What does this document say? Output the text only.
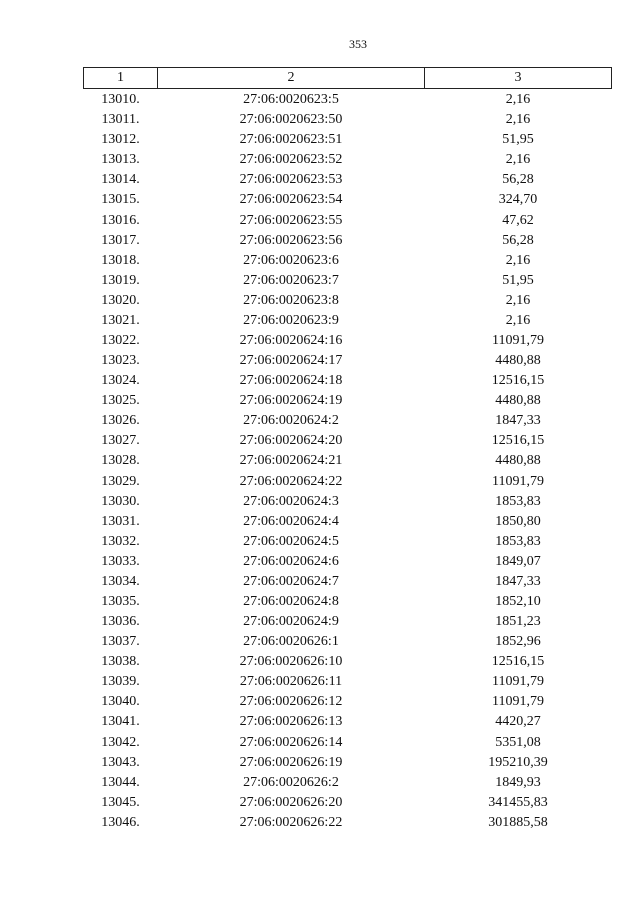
353
1	2	3
13010.	27:06:0020623:5	2,16
13011.	27:06:0020623:50	2,16
13012.	27:06:0020623:51	51,95
13013.	27:06:0020623:52	2,16
13014.	27:06:0020623:53	56,28
13015.	27:06:0020623:54	324,70
13016.	27:06:0020623:55	47,62
13017.	27:06:0020623:56	56,28
13018.	27:06:0020623:6	2,16
13019.	27:06:0020623:7	51,95
13020.	27:06:0020623:8	2,16
13021.	27:06:0020623:9	2,16
13022.	27:06:0020624:16	11091,79
13023.	27:06:0020624:17	4480,88
13024.	27:06:0020624:18	12516,15
13025.	27:06:0020624:19	4480,88
13026.	27:06:0020624:2	1847,33
13027.	27:06:0020624:20	12516,15
13028.	27:06:0020624:21	4480,88
13029.	27:06:0020624:22	11091,79
13030.	27:06:0020624:3	1853,83
13031.	27:06:0020624:4	1850,80
13032.	27:06:0020624:5	1853,83
13033.	27:06:0020624:6	1849,07
13034.	27:06:0020624:7	1847,33
13035.	27:06:0020624:8	1852,10
13036.	27:06:0020624:9	1851,23
13037.	27:06:0020626:1	1852,96
13038.	27:06:0020626:10	12516,15
13039.	27:06:0020626:11	11091,79
13040.	27:06:0020626:12	11091,79
13041.	27:06:0020626:13	4420,27
13042.	27:06:0020626:14	5351,08
13043.	27:06:0020626:19	195210,39
13044.	27:06:0020626:2	1849,93
13045.	27:06:0020626:20	341455,83
13046.	27:06:0020626:22	301885,58
